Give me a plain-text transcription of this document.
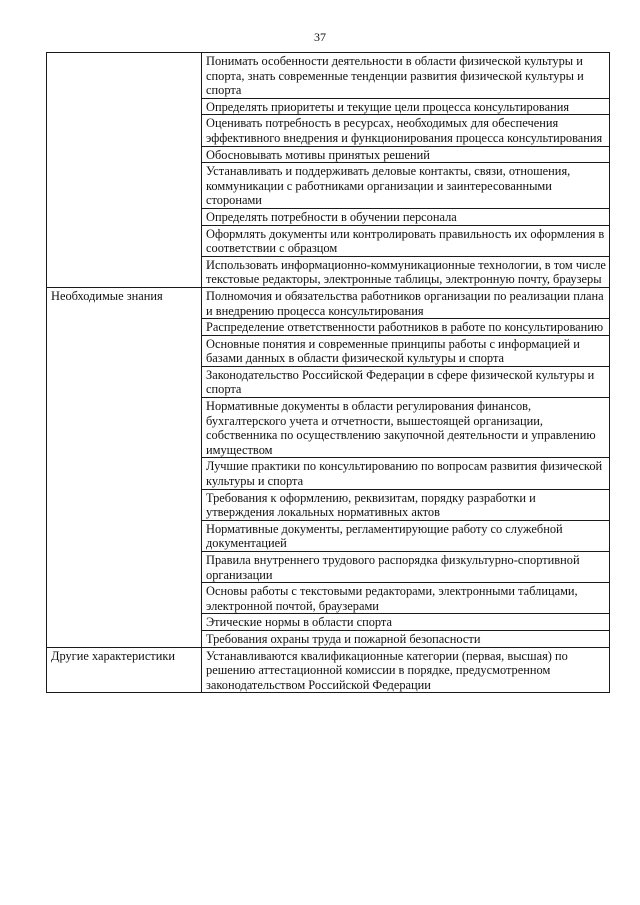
37
	Понимать особенности деятельности в области физической культуры и спорта, знать современные тенденции развития физической культуры и спорта
	Определять приоритеты и текущие цели процесса консультирования
	Оценивать потребность в ресурсах, необходимых для обеспечения эффективного внедрения и функционирования процесса консультирования
	Обосновывать мотивы принятых решений
	Устанавливать и поддерживать деловые контакты, связи, отношения, коммуникации с работниками организации и заинтересованными сторонами
	Определять потребности в обучении персонала
	Оформлять документы или контролировать правильность их оформления в соответствии с образцом
	Использовать информационно-коммуникационные технологии, в том числе текстовые редакторы, электронные таблицы, электронную почту, браузеры
Необходимые знания	Полномочия и обязательства работников организации по реализации плана и внедрению процесса консультирования
	Распределение ответственности работников в работе по консультированию
	Основные понятия и современные принципы работы с информацией и базами данных в области физической культуры и спорта
	Законодательство Российской Федерации в сфере физической культуры и спорта
	Нормативные документы в области регулирования финансов, бухгалтерского учета и отчетности, вышестоящей организации, собственника по осуществлению закупочной деятельности и управлению имуществом
	Лучшие практики по консультированию по вопросам развития физической культуры и спорта
	Требования к оформлению, реквизитам, порядку разработки и утверждения локальных нормативных актов
	Нормативные документы, регламентирующие работу со служебной документацией
	Правила внутреннего трудового распорядка физкультурно-спортивной организации
	Основы работы с текстовыми редакторами, электронными таблицами, электронной почтой, браузерами
	Этические нормы в области спорта
	Требования охраны труда и пожарной безопасности
Другие характеристики	Устанавливаются квалификационные категории (первая, высшая) по решению аттестационной комиссии в порядке, предусмотренном законодательством Российской Федерации
